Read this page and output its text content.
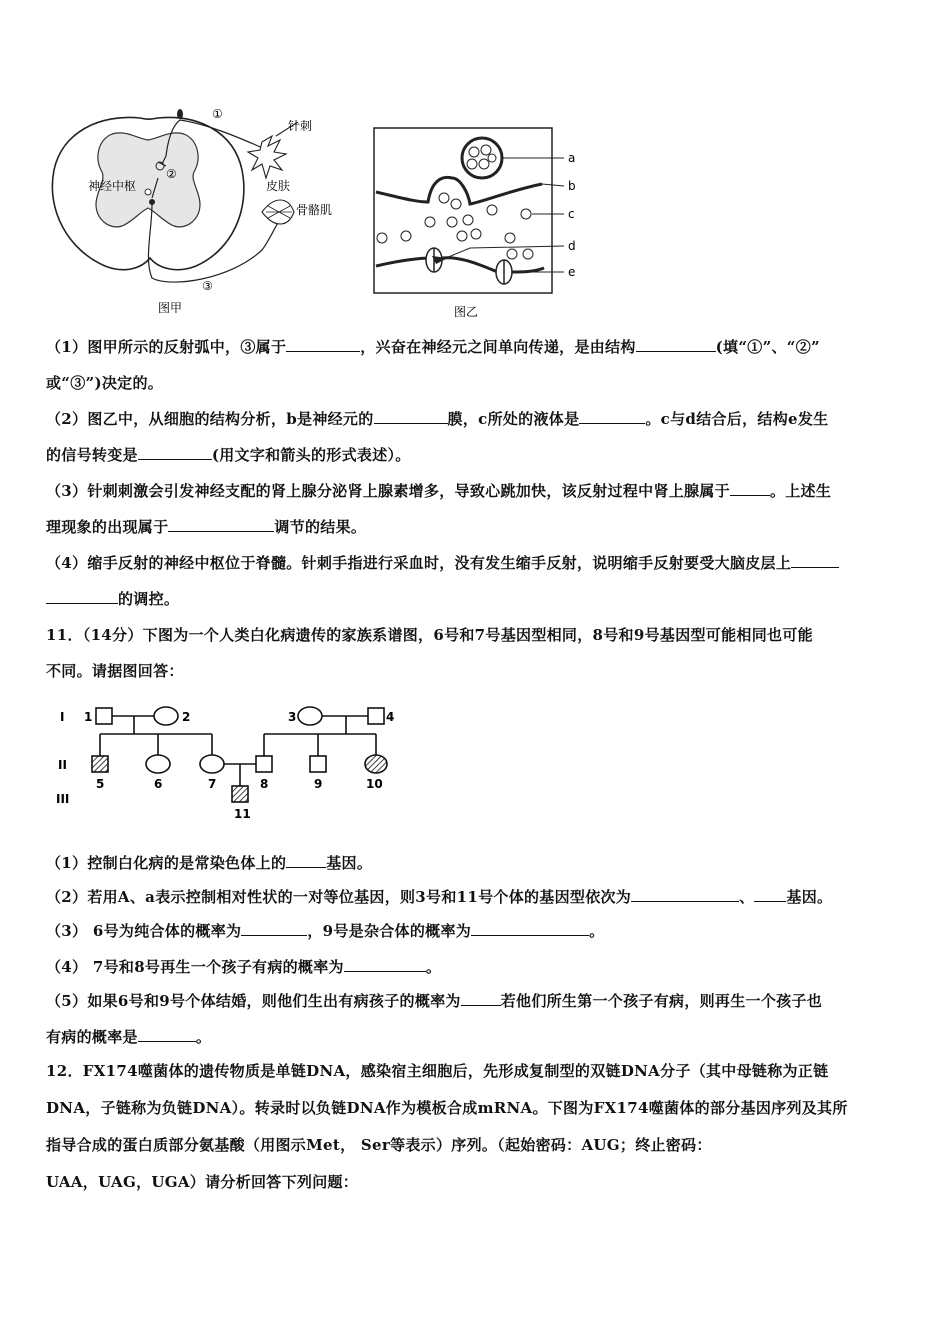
神经中枢
①
②
③
针刺
皮肤
骨骼肌
图甲
a
b
c
d
e
图乙
（1）图甲所示的反射弧中，③属于	，兴奋在神经元之间单向传递，是由结构	(填“①”、“②”
或“③”)决定的。
（2）图乙中，从细胞的结构分析，b是神经元的	膜，c所处的液体是	。c与d结合后，结构e发生
的信号转变是	(用文字和箭头的形式表述）。
（3）针刺刺激会引发神经支配的肾上腺分泌肾上腺素增多，导致心跳加快，该反射过程中肾上腺属于	。上述生
理现象的出现属于	调节的结果。
（4）缩手反射的神经中枢位于脊髓。针刺手指进行采血时，没有发生缩手反射，说明缩手反射要受大脑皮层上
的调控。
11．（14分）下图为一个人类白化病遗传的家族系谱图，6号和7号基因型相同，8号和9号基因型可能相同也可能
不同。请据图回答：
I
II
III
1	2	3	4
5	6	7	8	9	10
11
（1）控制白化病的是常染色体上的	基因。
（2）若用A、a表示控制相对性状的一对等位基因，则3号和11号个体的基因型依次为	、 基因。
（3） 6号为纯合体的概率为	，9号是杂合体的概率为	。
（4） 7号和8号再生一个孩子有病的概率为	。
（5）如果6号和9号个体结婚，则他们生出有病孩子的概率为	若他们所生第一个孩子有病，则再生一个孩子也
有病的概率是	。
12．FX174噬菌体的遗传物质是单链DNA，感染宿主细胞后，先形成复制型的双链DNA分子（其中母链称为正链
DNA，子链称为负链DNA）。转录时以负链DNA作为模板合成mRNA。下图为FX174噬菌体的部分基因序列及其所
指导合成的蛋白质部分氨基酸（用图示Met， Ser等表示）序列。（起始密码：AUG；终止密码：
UAA，UAG，UGA）请分析回答下列问题：
